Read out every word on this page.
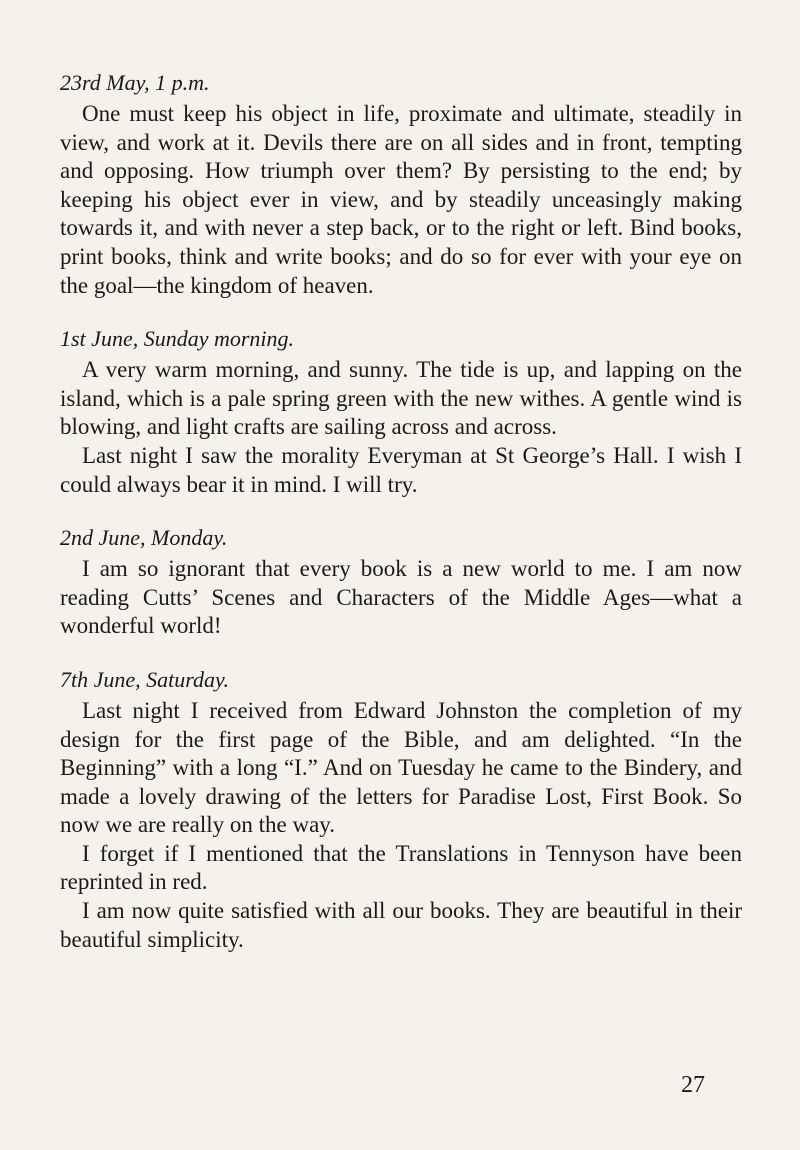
23rd May, 1 p.m.

One must keep his object in life, proximate and ultimate, steadily in view, and work at it. Devils there are on all sides and in front, tempting and opposing. How triumph over them? By persisting to the end; by keeping his object ever in view, and by steadily unceasingly making towards it, and with never a step back, or to the right or left. Bind books, print books, think and write books; and do so for ever with your eye on the goal—the kingdom of heaven.

1st June, Sunday morning.

A very warm morning, and sunny. The tide is up, and lapping on the island, which is a pale spring green with the new withes. A gentle wind is blowing, and light crafts are sailing across and across.

Last night I saw the morality Everyman at St George’s Hall. I wish I could always bear it in mind. I will try.

2nd June, Monday.

I am so ignorant that every book is a new world to me. I am now reading Cutts’ Scenes and Characters of the Middle Ages—what a wonderful world!

7th June, Saturday.

Last night I received from Edward Johnston the completion of my design for the first page of the Bible, and am delighted. “In the Beginning” with a long “I.” And on Tuesday he came to the Bindery, and made a lovely drawing of the letters for Paradise Lost, First Book. So now we are really on the way.

I forget if I mentioned that the Translations in Tennyson have been reprinted in red.

I am now quite satisfied with all our books. They are beautiful in their beautiful simplicity.

27
